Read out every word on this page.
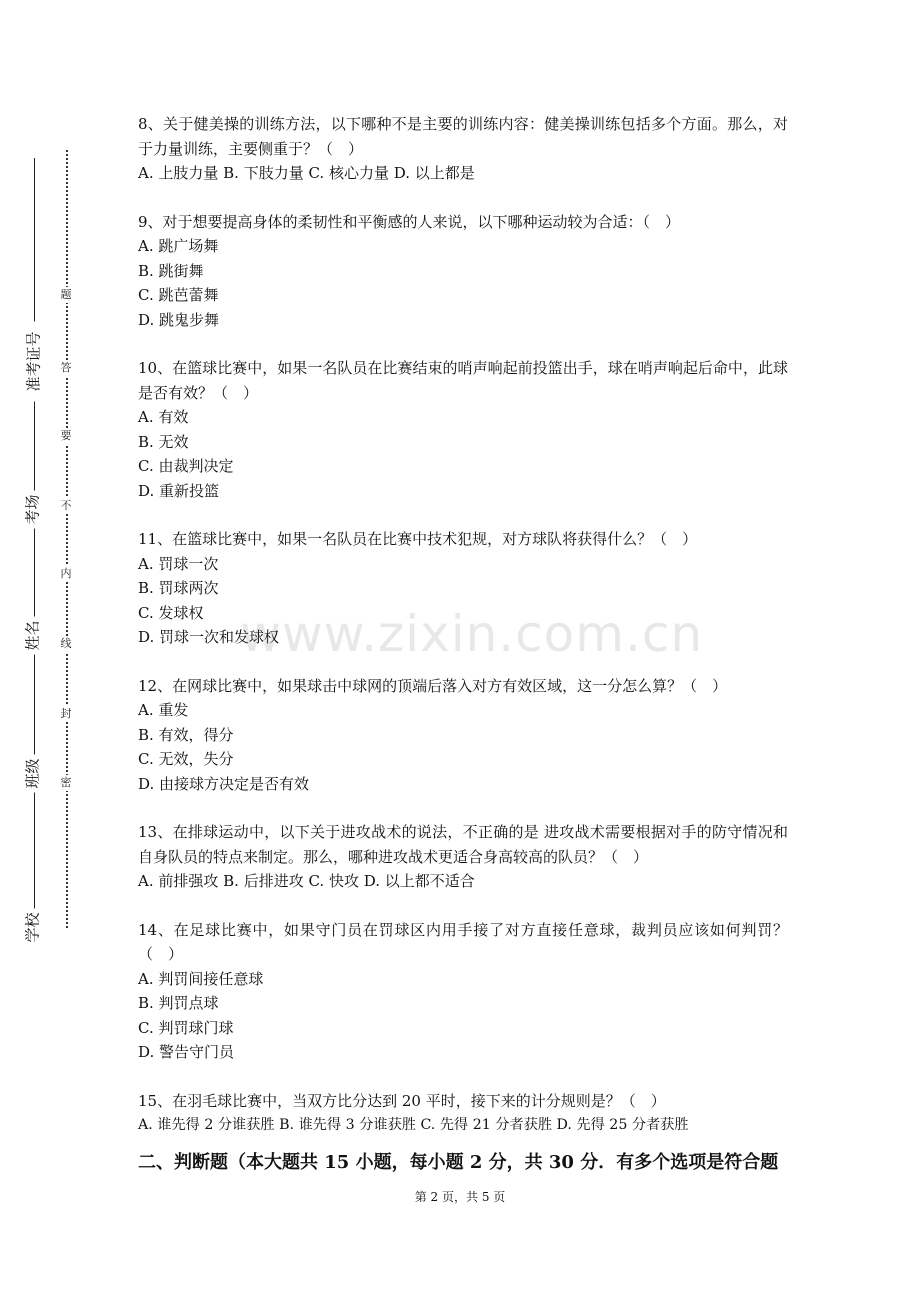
题
答
要
不
内
线
封
密
准考证号
考场
姓名
班级
学校
www.zixin.com.cn

8、关于健美操的训练方法，以下哪种不是主要的训练内容：健美操训练包括多个方面。那么，对于力量训练，主要侧重于？（　）

A. 上肢力量 B. 下肢力量 C. 核心力量 D. 以上都是

9、对于想要提高身体的柔韧性和平衡感的人来说，以下哪种运动较为合适：（　）

A. 跳广场舞

B. 跳街舞

C. 跳芭蕾舞

D. 跳鬼步舞

10、在篮球比赛中，如果一名队员在比赛结束的哨声响起前投篮出手，球在哨声响起后命中，此球是否有效？（　）

A. 有效

B. 无效

C. 由裁判决定

D. 重新投篮

11、在篮球比赛中，如果一名队员在比赛中技术犯规，对方球队将获得什么？（　）

A. 罚球一次

B. 罚球两次

C. 发球权

D. 罚球一次和发球权

12、在网球比赛中，如果球击中球网的顶端后落入对方有效区域，这一分怎么算？（　）

A. 重发

B. 有效，得分

C. 无效，失分

D. 由接球方决定是否有效

13、在排球运动中，以下关于进攻战术的说法，不正确的是 进攻战术需要根据对手的防守情况和自身队员的特点来制定。那么，哪种进攻战术更适合身高较高的队员？（　）

A. 前排强攻 B. 后排进攻 C. 快攻 D. 以上都不适合

14、在足球比赛中，如果守门员在罚球区内用手接了对方直接任意球，裁判员应该如何判罚？（　）

A. 判罚间接任意球

B. 判罚点球

C. 判罚球门球

D. 警告守门员

15、在羽毛球比赛中，当双方比分达到 20 平时，接下来的计分规则是？（　）

A. 谁先得 2 分谁获胜 B. 谁先得 3 分谁获胜 C. 先得 21 分者获胜 D. 先得 25 分者获胜

二、判断题（本大题共 15 小题，每小题 2 分，共 30 分．有多个选项是符合题
第 2 页，共 5 页
